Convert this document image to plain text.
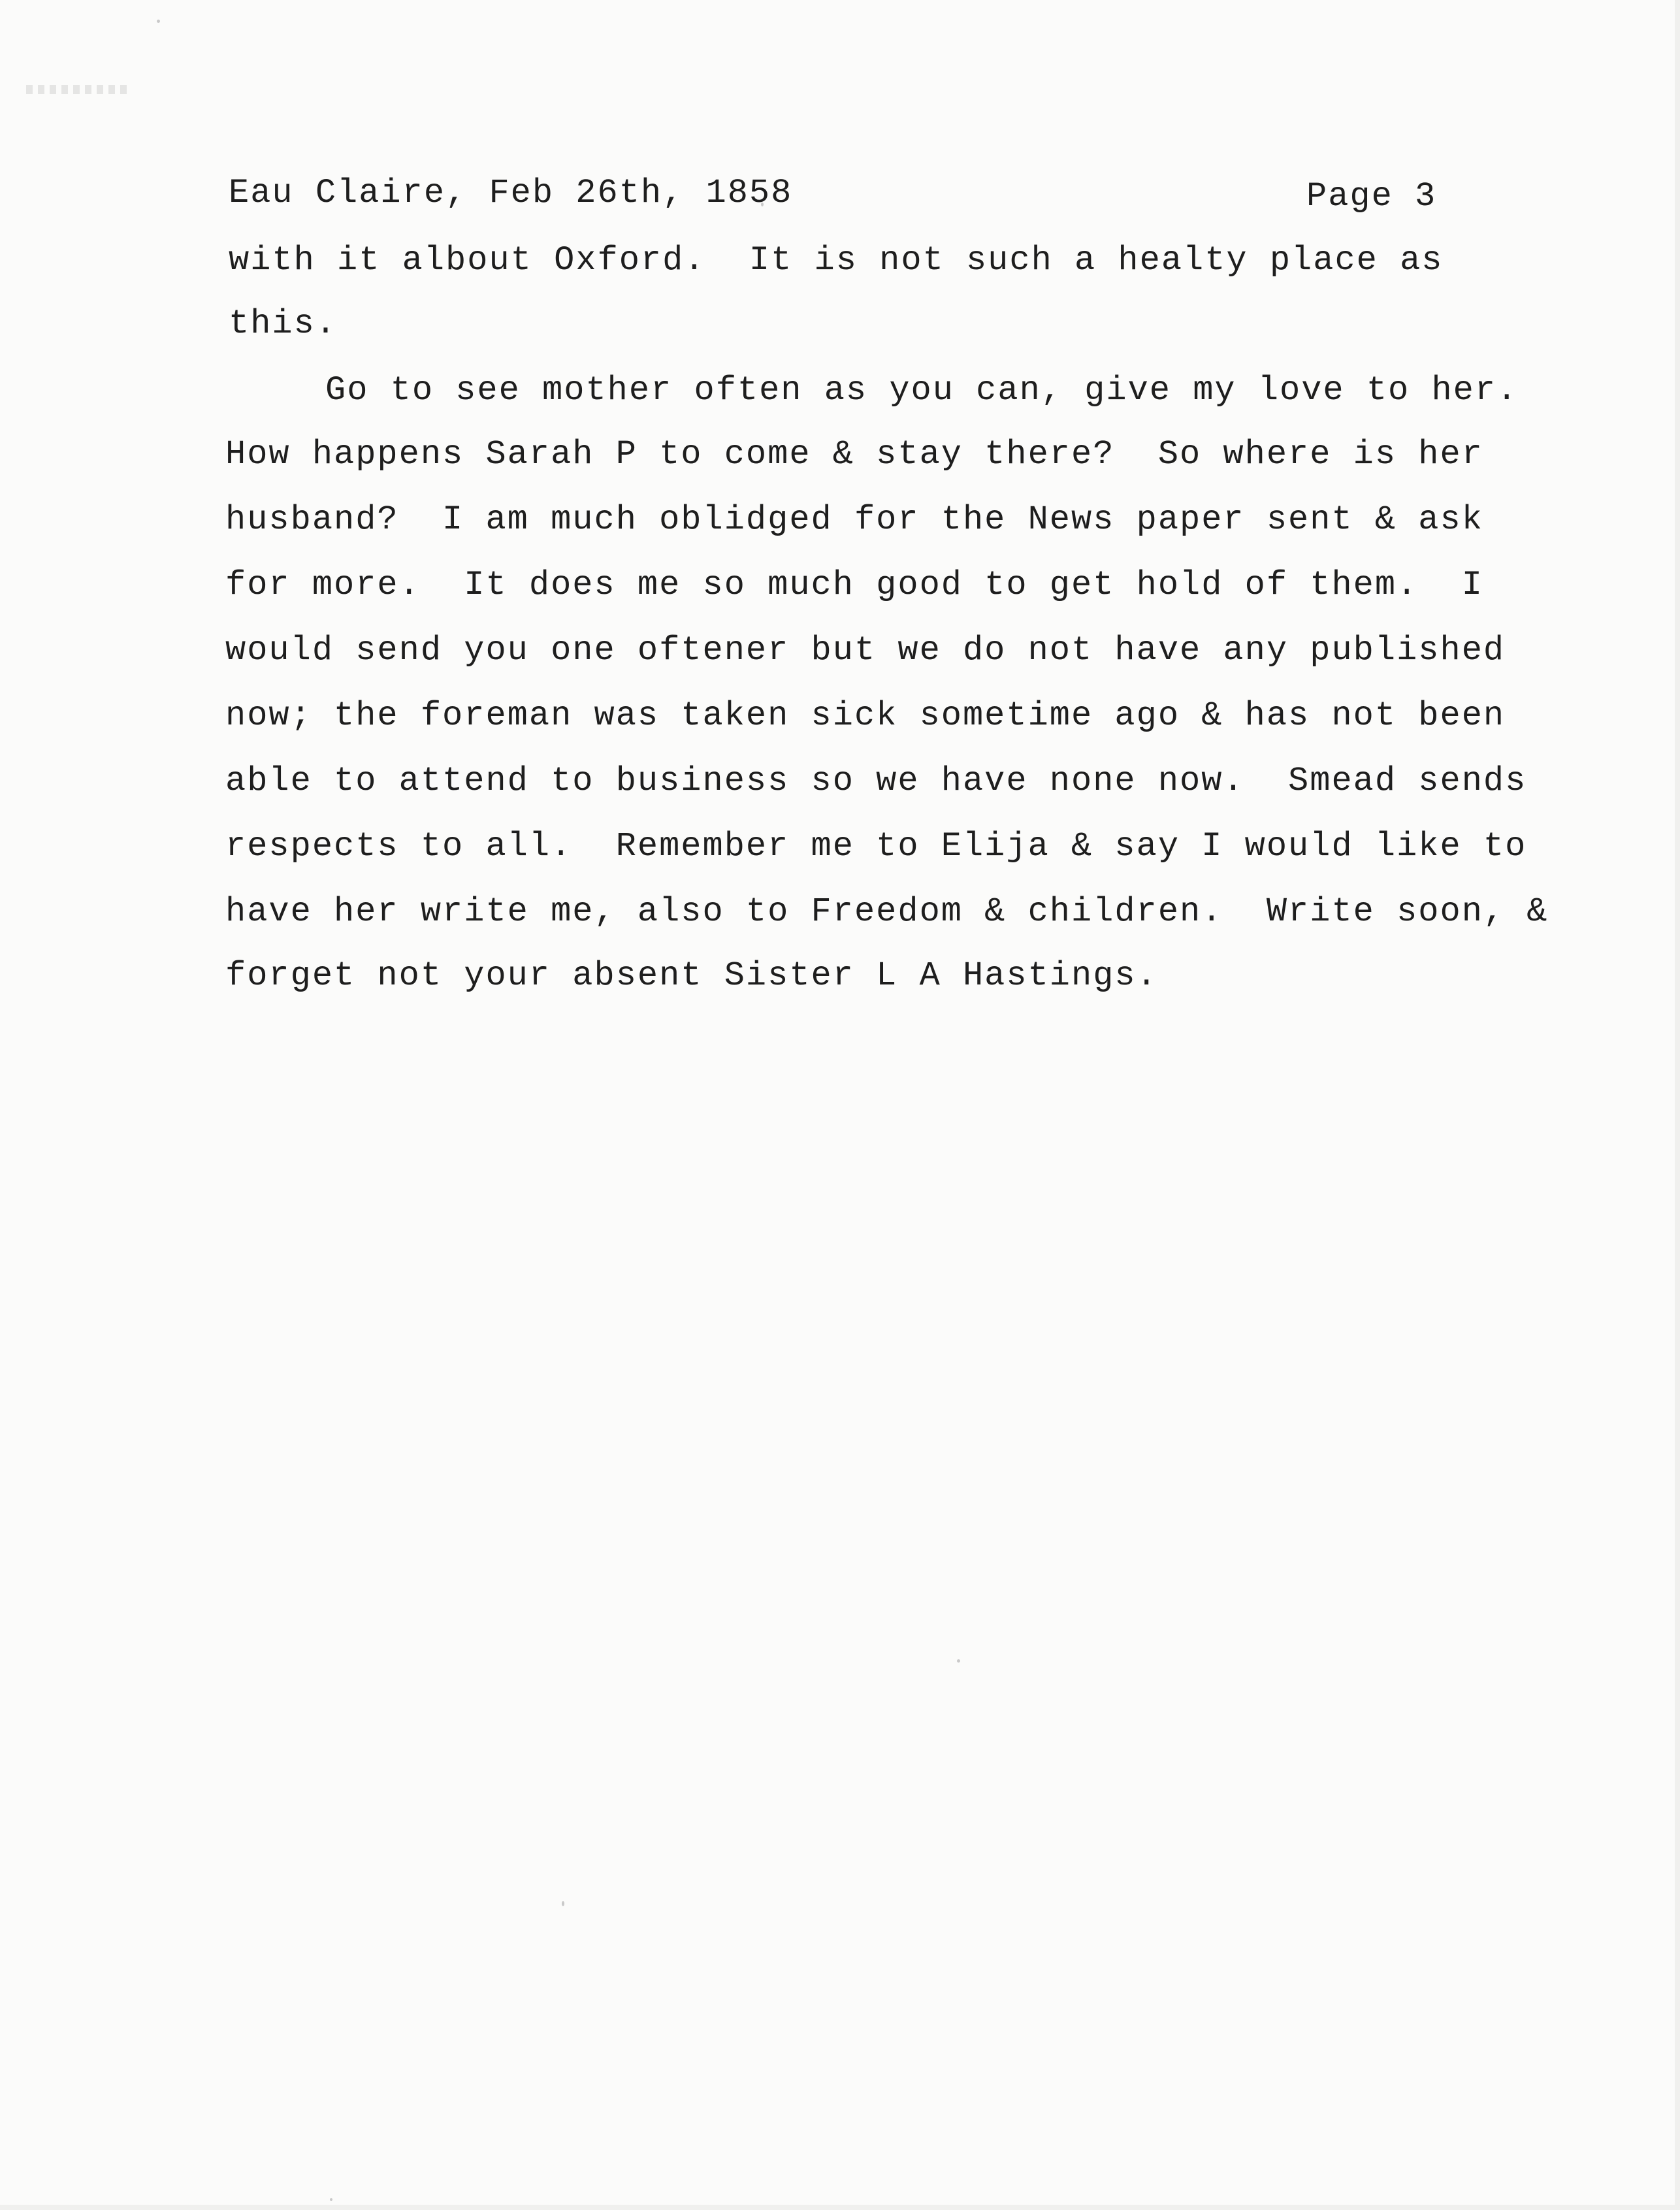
Eau Claire, Feb 26th, 1858	Page 3
with it albout Oxford.  It is not such a healty place as
this.
Go to see mother often as you can, give my love to her.
How happens Sarah P to come & stay there?  So where is her
husband?  I am much oblidged for the News paper sent & ask
for more.  It does me so much good to get hold of them.  I
would send you one oftener but we do not have any published
now; the foreman was taken sick sometime ago & has not been
able to attend to business so we have none now.  Smead sends
respects to all.  Remember me to Elija & say I would like to
have her write me, also to Freedom & children.  Write soon, &
forget not your absent Sister L A Hastings.
